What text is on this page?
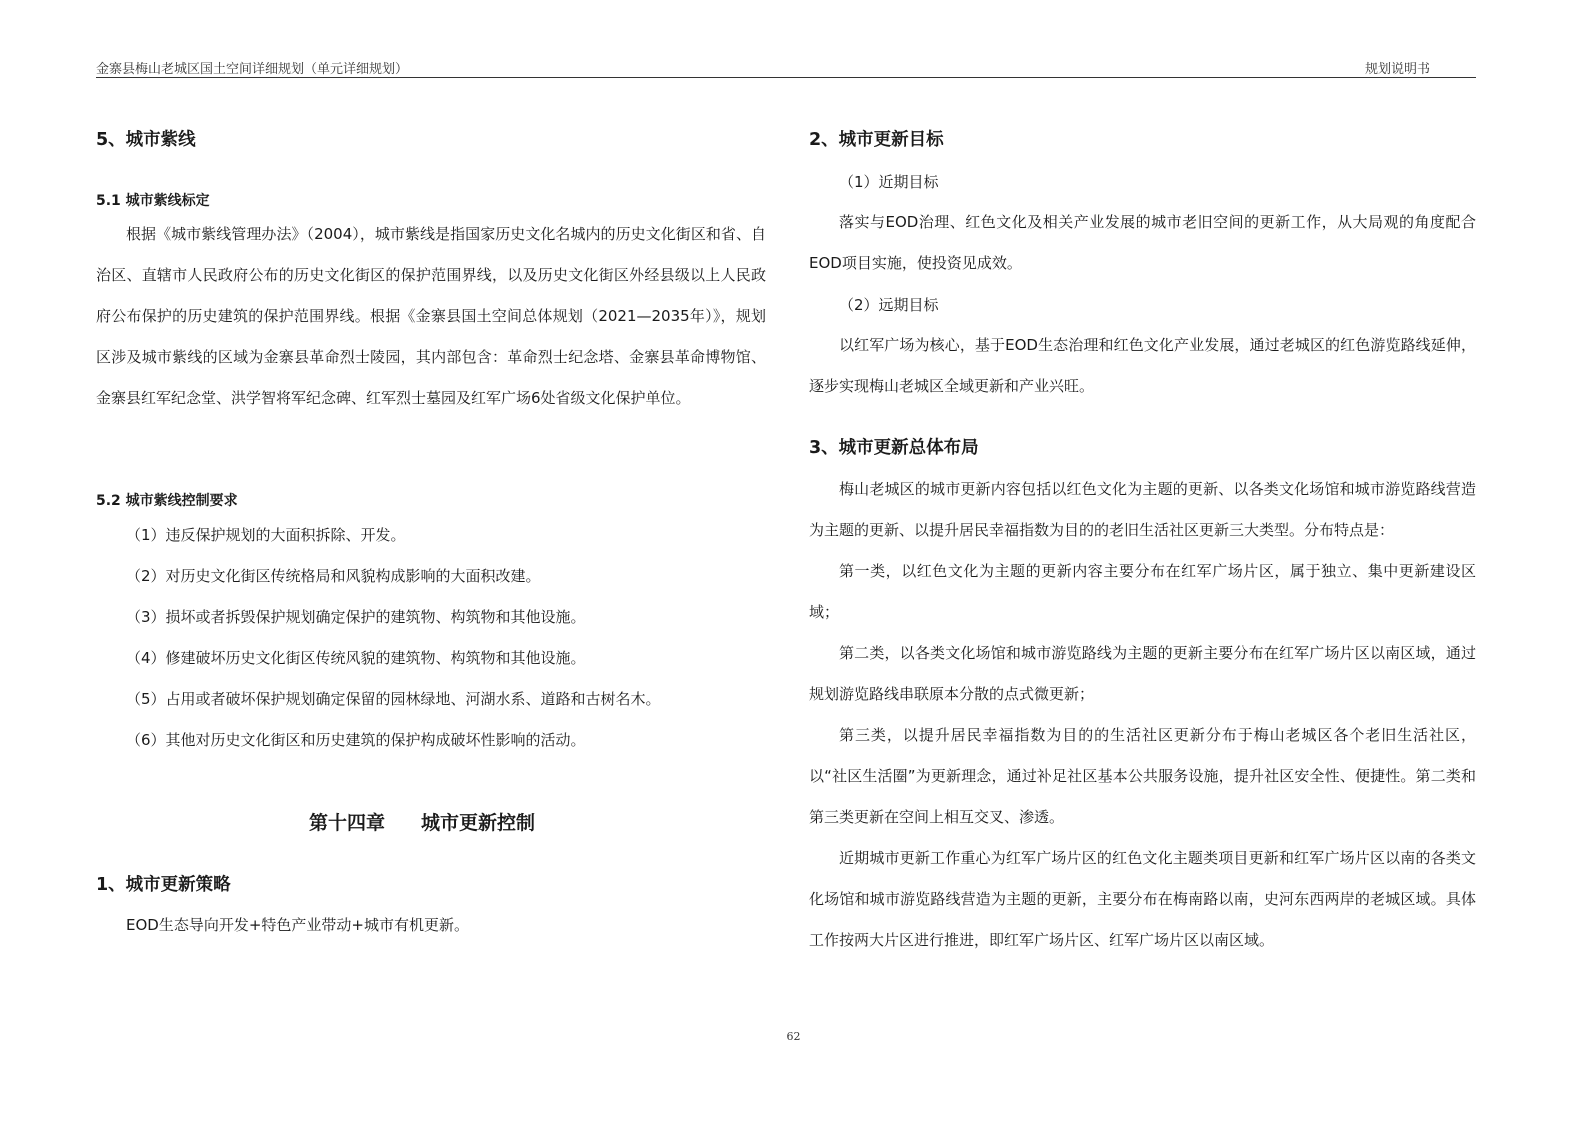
金寨县梅山老城区国土空间详细规划（单元详细规划）	规划说明书
5、城市紫线
5.1 城市紫线标定
根据《城市紫线管理办法》（2004），城市紫线是指国家历史文化名城内的历史文化街区和省、自治区、直辖市人民政府公布的历史文化街区的保护范围界线，以及历史文化街区外经县级以上人民政府公布保护的历史建筑的保护范围界线。根据《金寨县国土空间总体规划（2021—2035年）》，规划区涉及城市紫线的区域为金寨县革命烈士陵园，其内部包含：革命烈士纪念塔、金寨县革命博物馆、金寨县红军纪念堂、洪学智将军纪念碑、红军烈士墓园及红军广场6处省级文化保护单位。
5.2 城市紫线控制要求
（1）违反保护规划的大面积拆除、开发。
（2）对历史文化街区传统格局和风貌构成影响的大面积改建。
（3）损坏或者拆毁保护规划确定保护的建筑物、构筑物和其他设施。
（4）修建破坏历史文化街区传统风貌的建筑物、构筑物和其他设施。
（5）占用或者破坏保护规划确定保留的园林绿地、河湖水系、道路和古树名木。
（6）其他对历史文化街区和历史建筑的保护构成破坏性影响的活动。
第十四章 城市更新控制
1、城市更新策略
EOD生态导向开发+特色产业带动+城市有机更新。
2、城市更新目标
（1）近期目标
落实与EOD治理、红色文化及相关产业发展的城市老旧空间的更新工作，从大局观的角度配合EOD项目实施，使投资见成效。
（2）远期目标
以红军广场为核心，基于EOD生态治理和红色文化产业发展，通过老城区的红色游览路线延伸，逐步实现梅山老城区全域更新和产业兴旺。
3、城市更新总体布局
梅山老城区的城市更新内容包括以红色文化为主题的更新、以各类文化场馆和城市游览路线营造为主题的更新、以提升居民幸福指数为目的的老旧生活社区更新三大类型。分布特点是：
第一类，以红色文化为主题的更新内容主要分布在红军广场片区，属于独立、集中更新建设区域；
第二类，以各类文化场馆和城市游览路线为主题的更新主要分布在红军广场片区以南区域，通过规划游览路线串联原本分散的点式微更新；
第三类，以提升居民幸福指数为目的的生活社区更新分布于梅山老城区各个老旧生活社区，以“社区生活圈”为更新理念，通过补足社区基本公共服务设施，提升社区安全性、便捷性。第二类和第三类更新在空间上相互交叉、渗透。
近期城市更新工作重心为红军广场片区的红色文化主题类项目更新和红军广场片区以南的各类文化场馆和城市游览路线营造为主题的更新，主要分布在梅南路以南，史河东西两岸的老城区域。具体工作按两大片区进行推进，即红军广场片区、红军广场片区以南区域。
62
